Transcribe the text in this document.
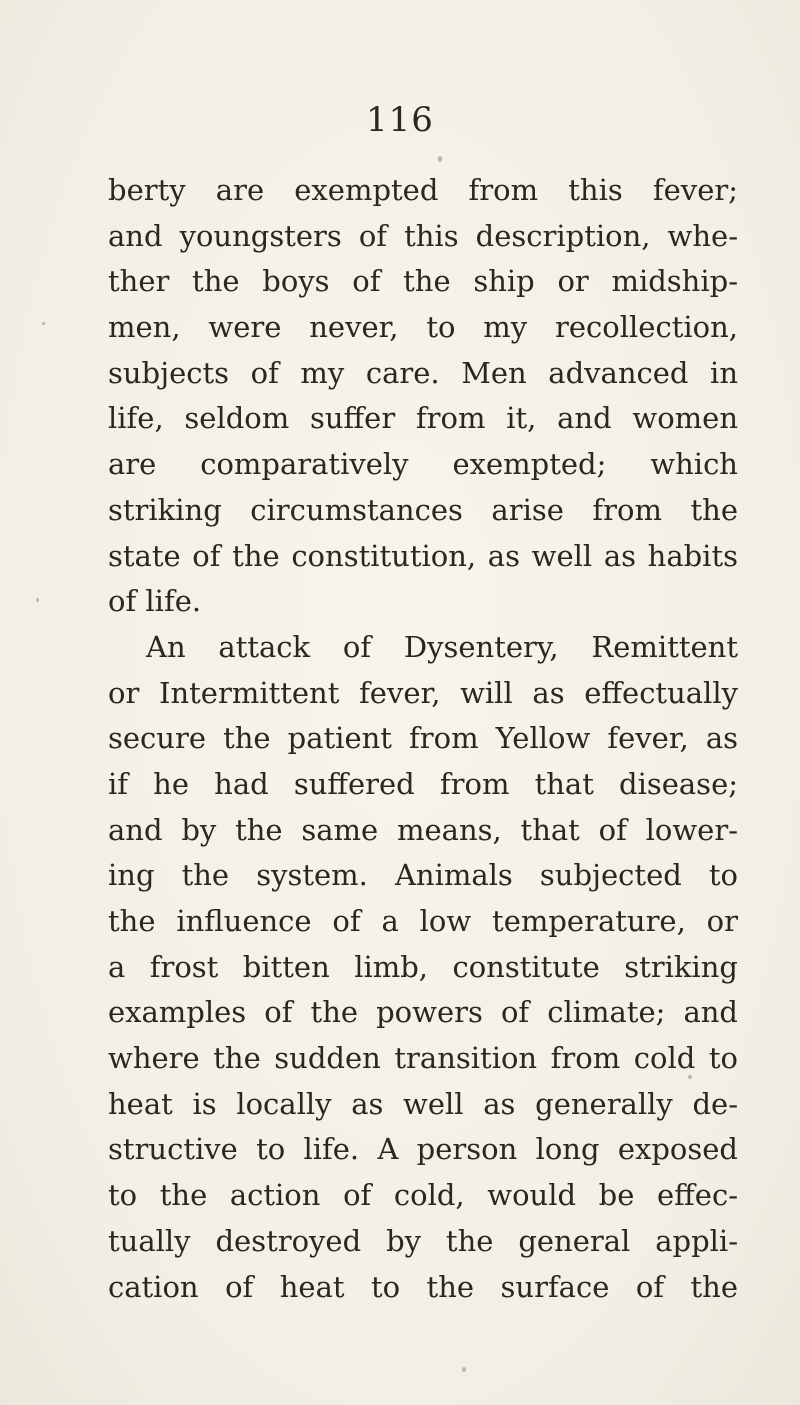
116
berty are exempted from this fever;
and youngsters of this description, whe-
ther the boys of the ship or midship-
men, were never, to my recollection,
subjects of my care. Men advanced in
life, seldom suffer from it, and women
are comparatively exempted; which
striking circumstances arise from the
state of the constitution, as well as habits
of life.
An attack of Dysentery, Remittent
or Intermittent fever, will as effectually
secure the patient from Yellow fever, as
if he had suffered from that disease;
and by the same means, that of lower-
ing the system. Animals subjected to
the influence of a low temperature, or
a frost bitten limb, constitute striking
examples of the powers of climate; and
where the sudden transition from cold to
heat is locally as well as generally de-
structive to life. A person long exposed
to the action of cold, would be effec-
tually destroyed by the general appli-
cation of heat to the surface of the
